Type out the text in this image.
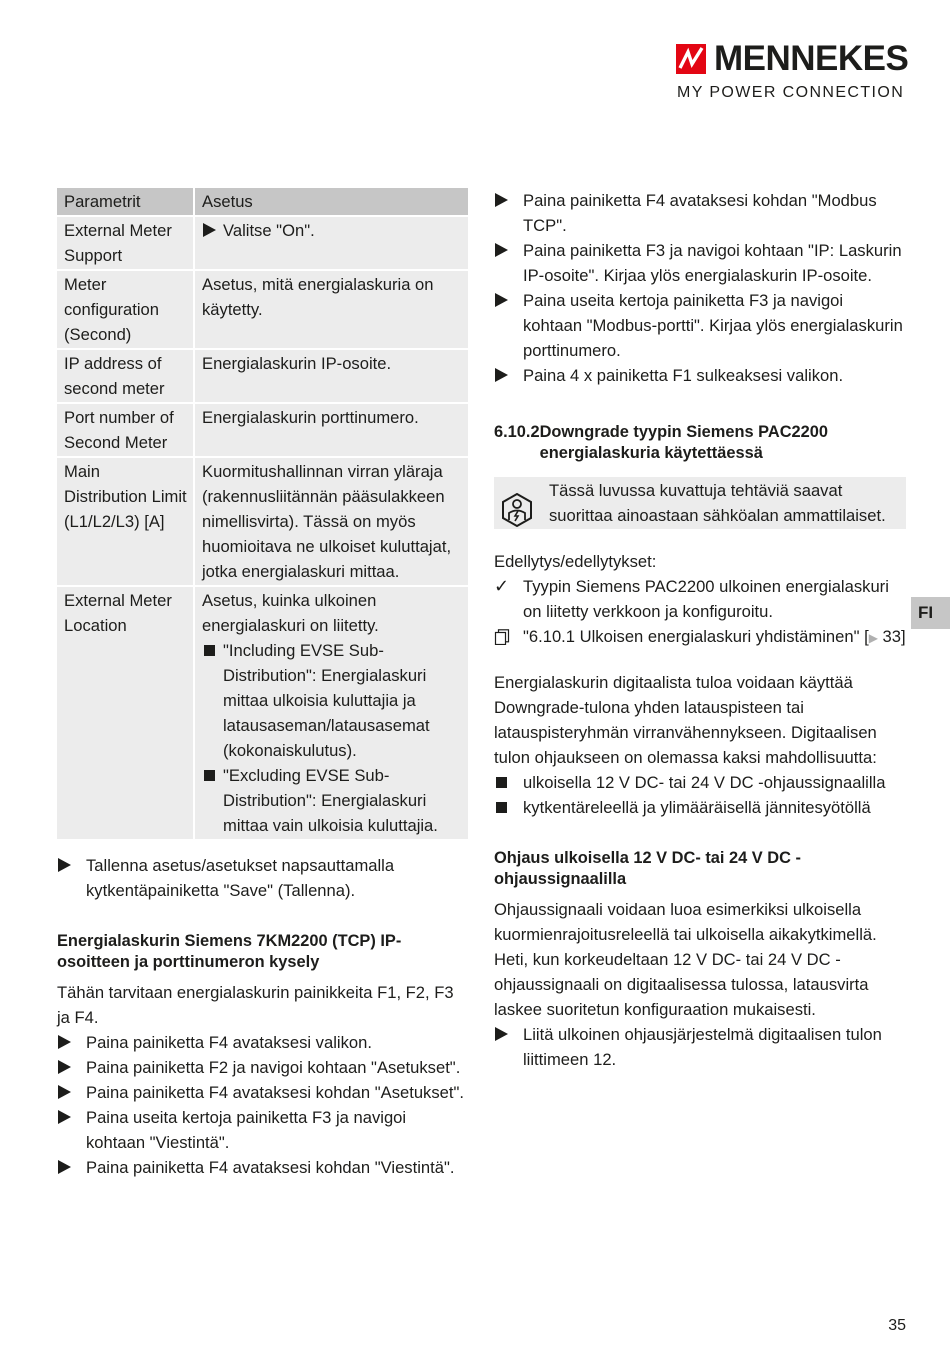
MENNEKES
MY POWER CONNECTION
Parametrit	Asetus
External Meter Support	Valitse "On".

Meter configuration (Second)	Asetus, mitä energialaskuria on käytetty.
IP address of second meter	Energialaskurin IP-osoite.
Port number of Second Meter	Energialaskurin porttinumero.
Main Distribution Limit (L1/L2/L3) [A]	Kuormitushallinnan virran yläraja (rakennusliitännän pääsulakkeen nimellisvirta). Tässä on myös huomioitava ne ulkoiset kuluttajat, jotka energialaskuri mittaa.
External Meter Location	Asetus, kuinka ulkoinen energialaskuri on liitetty.
"Including EVSE Sub-Distribution": Energialaskuri mittaa ulkoisia kuluttajia ja latausaseman/latausasemat (kokonaiskulutus).
"Excluding EVSE Sub-Distribution": Energialaskuri mittaa vain ulkoisia kuluttajia.
Tallenna asetus/asetukset napsauttamalla kytkentäpainiketta "Save" (Tallenna).
Energialaskurin Siemens 7KM2200 (TCP) IP-osoitteen ja porttinumeron kysely

Tähän tarvitaan energialaskurin painikkeita F1, F2, F3 ja F4.

Paina painiketta F4 avataksesi valikon.
Paina painiketta F2 ja navigoi kohtaan "Asetukset".
Paina painiketta F4 avataksesi kohdan "Asetukset".
Paina useita kertoja painiketta F3 ja navigoi kohtaan "Viestintä".
Paina painiketta F4 avataksesi kohdan "Viestintä".
Paina painiketta F4 avataksesi kohdan "Modbus TCP".
Paina painiketta F3 ja navigoi kohtaan "IP: Laskurin IP-osoite". Kirjaa ylös energialaskurin IP-osoite.
Paina useita kertoja painiketta F3 ja navigoi kohtaan "Modbus-portti". Kirjaa ylös energialaskurin porttinumero.
Paina 4 x painiketta F1 sulkeaksesi valikon.
6.10.2 Downgrade tyypin Siemens PAC2200 energialaskuria käytettäessä

Tässä luvussa kuvattuja tehtäviä saavat suorittaa ainoastaan sähköalan ammattilaiset.

Edellytys/edellytykset:

✓ Tyypin Siemens PAC2200 ulkoinen energialaskuri on liitetty verkkoon ja konfiguroitu.
"6.10.1 Ulkoisen energialaskuri yhdistäminen" [▶ 33]

Energialaskurin digitaalista tuloa voidaan käyttää Downgrade-tulona yhden latauspisteen tai latauspisteryhmän virranvähennykseen. Digitaalisen tulon ohjaukseen on olemassa kaksi mahdollisuutta:

ulkoisella 12 V DC- tai 24 V DC -ohjaussignaalilla
kytkentäreleellä ja ylimääräisellä jännitesyötöllä
Ohjaus ulkoisella 12 V DC- tai 24 V DC -ohjaussignaalilla

Ohjaussignaali voidaan luoa esimerkiksi ulkoisella kuormienrajoitusreleellä tai ulkoisella aikakytkimellä. Heti, kun korkeudeltaan 12 V DC- tai 24 V DC -ohjaussignaali on digitaalisessa tulossa, latausvirta laskee suoritetun konfiguraation mukaisesti.

Liitä ulkoinen ohjausjärjestelmä digitaalisen tulon liittimeen 12.
FI
35
